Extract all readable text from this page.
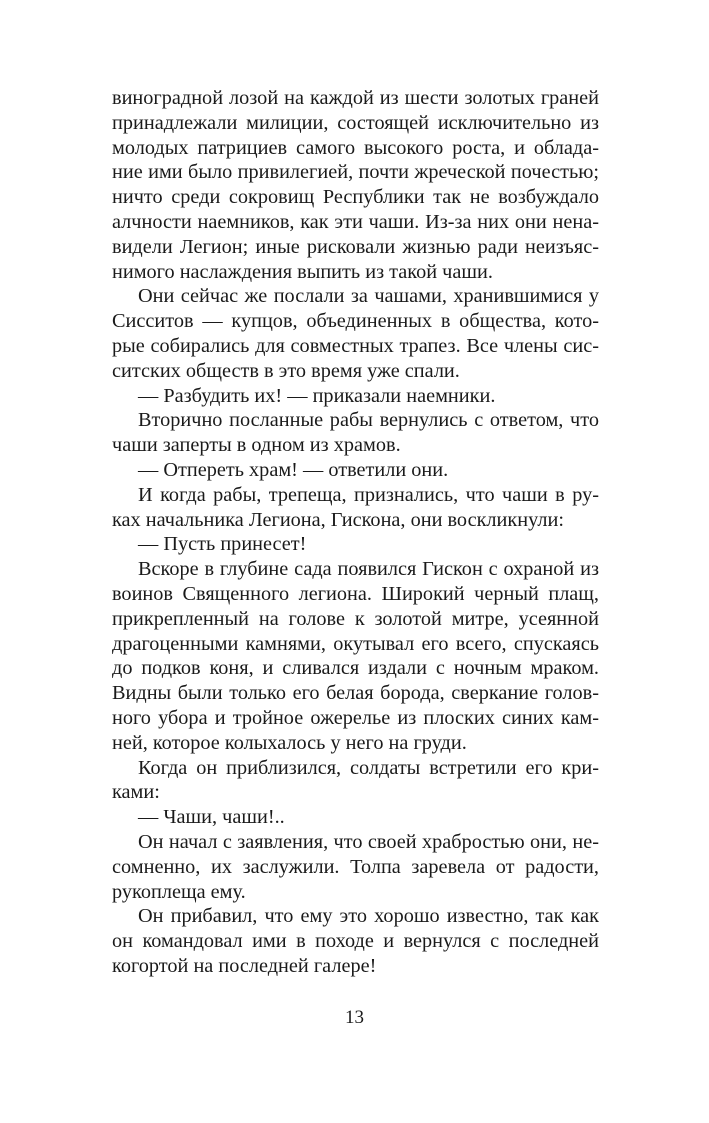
виноградной лозой на каждой из шести золотых граней принадлежали милиции, состоящей исключительно из молодых патрициев самого высокого роста, и обладание ими было привилегией, почти жреческой почестью; ничто среди сокровищ Республики так не возбуждало алчности наемников, как эти чаши. Из-за них они ненавидели Легион; иные рисковали жизнью ради неизъяснимого наслаждения выпить из такой чаши.

Они сейчас же послали за чашами, хранившимися у Сисситов — купцов, объединенных в общества, которые собирались для совместных трапез. Все члены сисситских обществ в это время уже спали.

— Разбудить их! — приказали наемники.

Вторично посланные рабы вернулись с ответом, что чаши заперты в одном из храмов.

— Отпереть храм! — ответили они.

И когда рабы, трепеща, признались, что чаши в руках начальника Легиона, Гискона, они воскликнули:

— Пусть принесет!

Вскоре в глубине сада появился Гискон с охраной из воинов Священного легиона. Широкий черный плащ, прикрепленный на голове к золотой митре, усеянной драгоценными камнями, окутывал его всего, спускаясь до подков коня, и сливался издали с ночным мраком. Видны были только его белая борода, сверкание головного убора и тройное ожерелье из плоских синих камней, которое колыхалось у него на груди.

Когда он приблизился, солдаты встретили его криками:

— Чаши, чаши!..

Он начал с заявления, что своей храбростью они, несомненно, их заслужили. Толпа заревела от радости, рукоплеща ему.

Он прибавил, что ему это хорошо известно, так как он командовал ими в походе и вернулся с последней когортой на последней галере!

13
